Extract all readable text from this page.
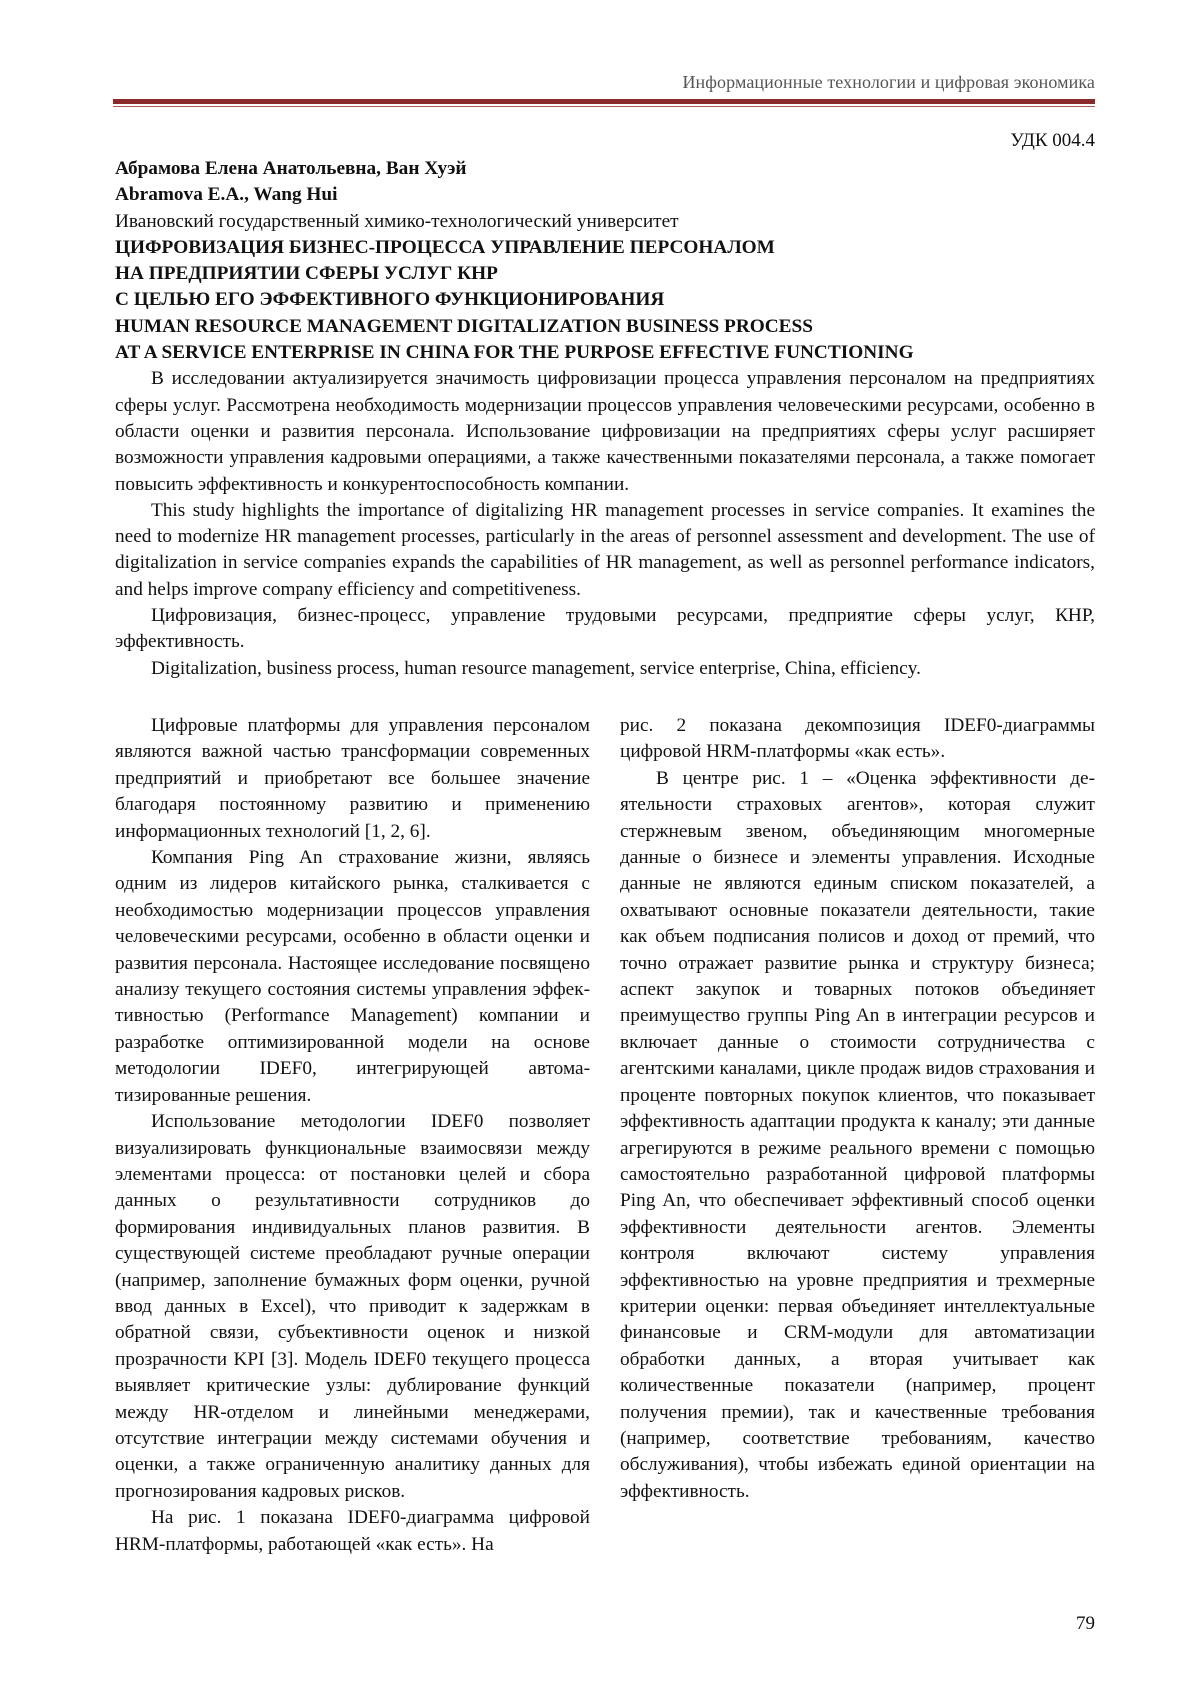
Информационные технологии и цифровая экономика
УДК 004.4
Абрамова Елена Анатольевна, Ван Хуэй
Abramova E.A., Wang Hui
Ивановский государственный химико-технологический университет
ЦИФРОВИЗАЦИЯ БИЗНЕС-ПРОЦЕССА УПРАВЛЕНИЕ ПЕРСОНАЛОМ
НА ПРЕДПРИЯТИИ СФЕРЫ УСЛУГ КНР
С ЦЕЛЬЮ ЕГО ЭФФЕКТИВНОГО ФУНКЦИОНИРОВАНИЯ
HUMAN RESOURCE MANAGEMENT DIGITALIZATION BUSINESS PROCESS
AT A SERVICE ENTERPRISE IN CHINA FOR THE PURPOSE EFFECTIVE FUNCTIONING

В исследовании актуализируется значимость цифровизации процесса управления персоналом на предприятиях сферы услуг. Рассмотрена необходимость модернизации процессов управления человеческими ресурсами, особенно в области оценки и развития персонала. Использование цифровизации на предприятиях сферы услуг расширяет возможности управления кадровыми операциями, а также качественными показателями персонала, а также помогает повысить эффективность и конкурентоспособность компании.

This study highlights the importance of digitalizing HR management processes in service companies. It examines the need to modernize HR management processes, particularly in the areas of personnel assessment and development. The use of digitalization in service companies expands the capabilities of HR management, as well as personnel performance indicators, and helps improve company efficiency and competitiveness.

Цифровизация, бизнес-процесс, управление трудовыми ресурсами, предприятие сферы услуг, КНР, эффективность.

Digitalization, business process, human resource management, service enterprise, China, efficiency.

Цифровые платформы для управления персоналом являются важной частью трансформации современных предприятий и приобретают все большее значение благодаря постоянному развитию и применению информационных технологий [1, 2, 6].

Компания Ping An страхование жизни, являясь одним из лидеров китайского рынка, сталкивается с необходимостью модернизации процессов управления человеческими ресурсами, особенно в области оценки и развития персонала. Настоящее исследование посвящено анализу текущего состояния системы управления эффективностью (Performance Management) компании и разработке оптимизированной модели на основе методологии IDEF0, интегрирующей автоматизированные решения.

Использование методологии IDEF0 позволяет визуализировать функциональные взаимосвязи между элементами процесса: от постановки целей и сбора данных о результативности сотрудников до формирования индивидуальных планов развития. В существующей системе преобладают ручные операции (например, заполнение бумажных форм оценки, ручной ввод данных в Excel), что приводит к задержкам в обратной связи, субъективности оценок и низкой прозрачности KPI [3]. Модель IDEF0 текущего процесса выявляет критические узлы: дублирование функций между HR-отделом и линейными менеджерами, отсутствие интеграции между системами обучения и оценки, а также ограниченную аналитику данных для прогнозирования кадровых рисков.

На рис. 1 показана IDEF0-диаграмма цифровой HRM-платформы, работающей «как есть». На

рис. 2 показана декомпозиция IDEF0-диаграммы цифровой HRM-платформы «как есть».

В центре рис. 1 – «Оценка эффективности деятельности страховых агентов», которая служит стержневым звеном, объединяющим многомерные данные о бизнесе и элементы управления. Исходные данные не являются единым списком показателей, а охватывают основные показатели деятельности, такие как объем подписания полисов и доход от премий, что точно отражает развитие рынка и структуру бизнеса; аспект закупок и товарных потоков объединяет преимущество группы Ping An в интеграции ресурсов и включает данные о стоимости сотрудничества с агентскими каналами, цикле продаж видов страхования и проценте повторных покупок клиентов, что показывает эффективность адаптации продукта к каналу; эти данные агрегируются в режиме реального времени с помощью самостоятельно разработанной цифровой платформы Ping An, что обеспечивает эффективный способ оценки эффективности деятельности агентов. Элементы контроля включают систему управления эффективностью на уровне предприятия и трехмерные критерии оценки: первая объединяет интеллектуальные финансовые и CRM-модули для автоматизации обработки данных, а вторая учитывает как количественные показатели (например, процент получения премии), так и качественные требования (например, соответствие требованиям, качество обслуживания), чтобы избежать единой ориентации на эффективность.

79
